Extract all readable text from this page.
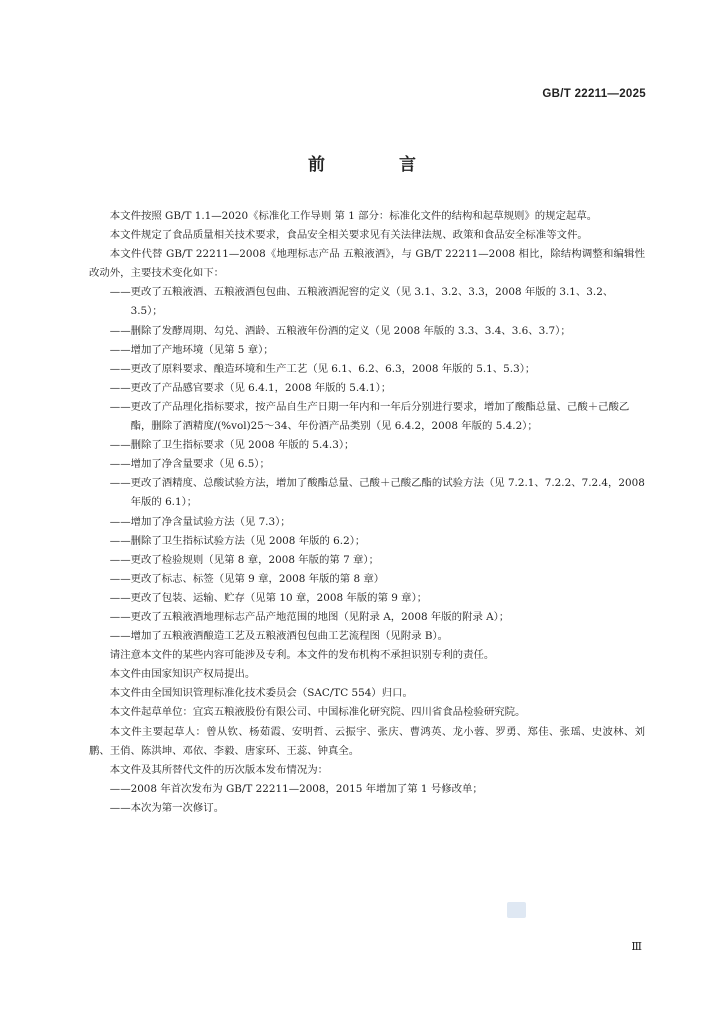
GB/T 22211—2025
前 言
本文件按照 GB/T 1.1—2020《标准化工作导则 第 1 部分：标准化文件的结构和起草规则》的规定起草。
本文件规定了食品质量相关技术要求，食品安全相关要求见有关法律法规、政策和食品安全标准等文件。
本文件代替 GB/T 22211—2008《地理标志产品 五粮液酒》，与 GB/T 22211—2008 相比，除结构调整和编辑性改动外，主要技术变化如下：
——更改了五粮液酒、五粮液酒包包曲、五粮液酒泥窖的定义（见 3.1、3.2、3.3，2008 年版的 3.1、3.2、3.5）；
——删除了发酵周期、勾兑、酒龄、五粮液年份酒的定义（见 2008 年版的 3.3、3.4、3.6、3.7）；
——增加了产地环境（见第 5 章）；
——更改了原料要求、酿造环境和生产工艺（见 6.1、6.2、6.3，2008 年版的 5.1、5.3）；
——更改了产品感官要求（见 6.4.1，2008 年版的 5.4.1）；
——更改了产品理化指标要求，按产品自生产日期一年内和一年后分别进行要求，增加了酸酯总量、己酸＋己酸乙酯，删除了酒精度/(%vol)25～34、年份酒产品类别（见 6.4.2，2008 年版的 5.4.2）；
——删除了卫生指标要求（见 2008 年版的 5.4.3）；
——增加了净含量要求（见 6.5）；
——更改了酒精度、总酸试验方法，增加了酸酯总量、己酸＋己酸乙酯的试验方法（见 7.2.1、7.2.2、7.2.4，2008 年版的 6.1）；
——增加了净含量试验方法（见 7.3）；
——删除了卫生指标试验方法（见 2008 年版的 6.2）；
——更改了检验规则（见第 8 章，2008 年版的第 7 章）；
——更改了标志、标签（见第 9 章，2008 年版的第 8 章）
——更改了包装、运输、贮存（见第 10 章，2008 年版的第 9 章）；
——更改了五粮液酒地理标志产品产地范围的地图（见附录 A，2008 年版的附录 A）；
——增加了五粮液酒酿造工艺及五粮液酒包包曲工艺流程图（见附录 B）。
请注意本文件的某些内容可能涉及专利。本文件的发布机构不承担识别专利的责任。
本文件由国家知识产权局提出。
本文件由全国知识管理标准化技术委员会（SAC/TC 554）归口。
本文件起草单位：宜宾五粮液股份有限公司、中国标准化研究院、四川省食品检验研究院。
本文件主要起草人：曾从钦、杨茹霞、安明哲、云振宇、张庆、曹鸿英、龙小蓉、罗勇、郑佳、张瑶、史波林、刘鹏、王俏、陈洪坤、邓依、李毅、唐家环、王蕊、钟真全。
本文件及其所替代文件的历次版本发布情况为：
——2008 年首次发布为 GB/T 22211—2008，2015 年增加了第 1 号修改单；
——本次为第一次修订。
Ⅲ
